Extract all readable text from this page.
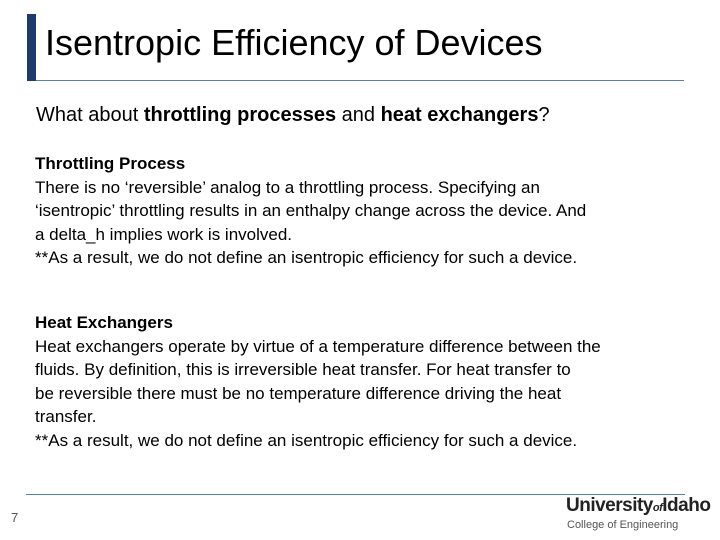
Isentropic Efficiency of Devices

What about throttling processes and heat exchangers?

Throttling Process
There is no ‘reversible’ analog to a throttling process. Specifying an
‘isentropic’ throttling results in an enthalpy change across the device. And
a delta_h implies work is involved.
**As a result, we do not define an isentropic efficiency for such a device.
Heat Exchangers
Heat exchangers operate by virtue of a temperature difference between the
fluids. By definition, this is irreversible heat transfer. For heat transfer to
be reversible there must be no temperature difference driving the heat
transfer.
**As a result, we do not define an isentropic efficiency for such a device.
7
UniversityofIdaho
College of Engineering
